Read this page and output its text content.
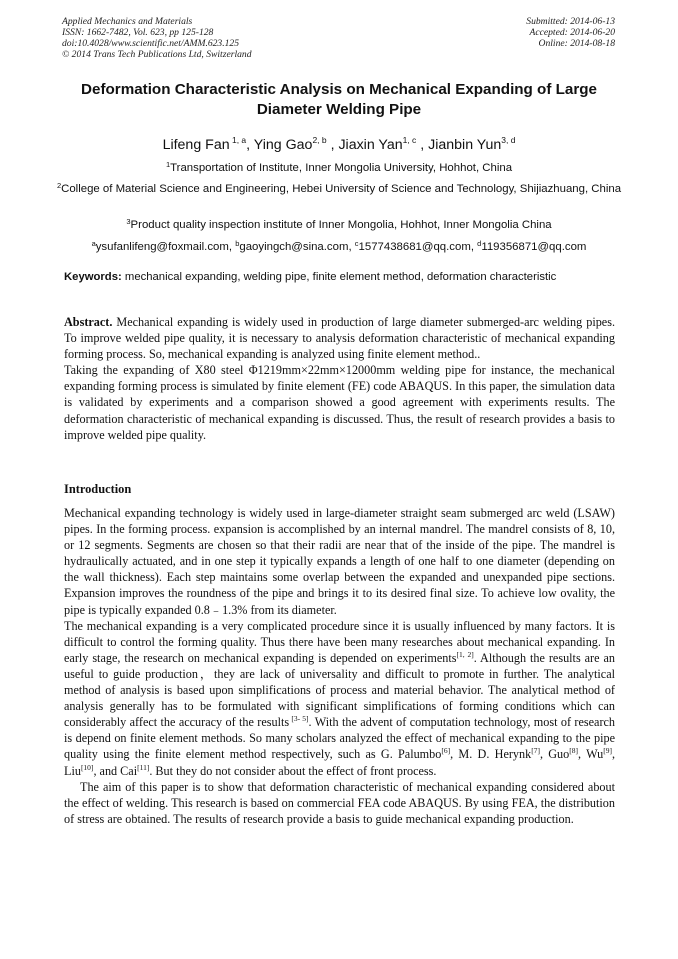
Applied Mechanics and Materials
ISSN: 1662-7482, Vol. 623, pp 125-128
doi:10.4028/www.scientific.net/AMM.623.125
© 2014 Trans Tech Publications Ltd, Switzerland
Submitted: 2014-06-13
Accepted: 2014-06-20
Online: 2014-08-18
Deformation Characteristic Analysis on Mechanical Expanding of Large Diameter Welding Pipe
Lifeng Fan $^{1, a}$, Ying Gao$^{2, b}$ , Jiaxin Yan$^{1, c}$ , Jianbin Yun$^{3, d}$
$^1$Transportation of Institute, Inner Mongolia University, Hohhot, China
$^2$College of Material Science and Engineering, Hebei University of Science and Technology, Shijiazhuang, China
$^3$Product quality inspection institute of Inner Mongolia, Hohhot, Inner Mongolia China
$^a$ysufanlifeng@foxmail.com, $^b$gaoyingch@sina.com, $^c$1577438681@qq.com, $^d$119356871@qq.com
Keywords: mechanical expanding, welding pipe, finite element method, deformation characteristic

Abstract. Mechanical expanding is widely used in production of large diameter submerged-arc welding pipes. To improve welded pipe quality, it is necessary to analysis deformation characteristic of mechanical expanding forming process. So, mechanical expanding is analyzed using finite element method..

Taking the expanding of X80 steel Φ1219mm×22mm×12000mm welding pipe for instance, the mechanical expanding forming process is simulated by finite element (FE) code ABAQUS. In this paper, the simulation data is validated by experiments and a comparison showed a good agreement with experiments results. The deformation characteristic of mechanical expanding is discussed. Thus, the result of research provides a basis to improve welded pipe quality.

Introduction

Mechanical expanding technology is widely used in large-diameter straight seam submerged arc weld (LSAW) pipes. In the forming process. expansion is accomplished by an internal mandrel. The mandrel consists of 8, 10, or 12 segments. Segments are chosen so that their radii are near that of the inside of the pipe. The mandrel is hydraulically actuated, and in one step it typically expands a length of one half to one diameter (depending on the wall thickness). Each step maintains some overlap between the expanded and unexpanded pipe sections. Expansion improves the roundness of the pipe and brings it to its desired final size. To achieve low ovality, the pipe is typically expanded 0.8﹣1.3% from its diameter.

The mechanical expanding is a very complicated procedure since it is usually influenced by many factors. It is difficult to control the forming quality. Thus there have been many researches about mechanical expanding. In early stage, the research on mechanical expanding is depended on experiments[1, 2]. Although the results are an useful to guide production，they are lack of universality and difficult to promote in further. The analytical method of analysis is based upon simplifications of process and material behavior. The analytical method of analysis generally has to be formulated with significant simplifications of forming conditions which can considerably affect the accuracy of the results [3- 5]. With the advent of computation technology, most of research is depend on finite element methods. So many scholars analyzed the effect of mechanical expanding to the pipe quality using the finite element method respectively, such as G. Palumbo[6], M. D. Herynk[7], Guo[8], Wu[9], Liu[10], and Cai[11]. But they do not consider about the effect of front process.

The aim of this paper is to show that deformation characteristic of mechanical expanding considered about the effect of welding. This research is based on commercial FEA code ABAQUS. By using FEA, the distribution of stress are obtained. The results of research provide a basis to guide mechanical expanding production.
